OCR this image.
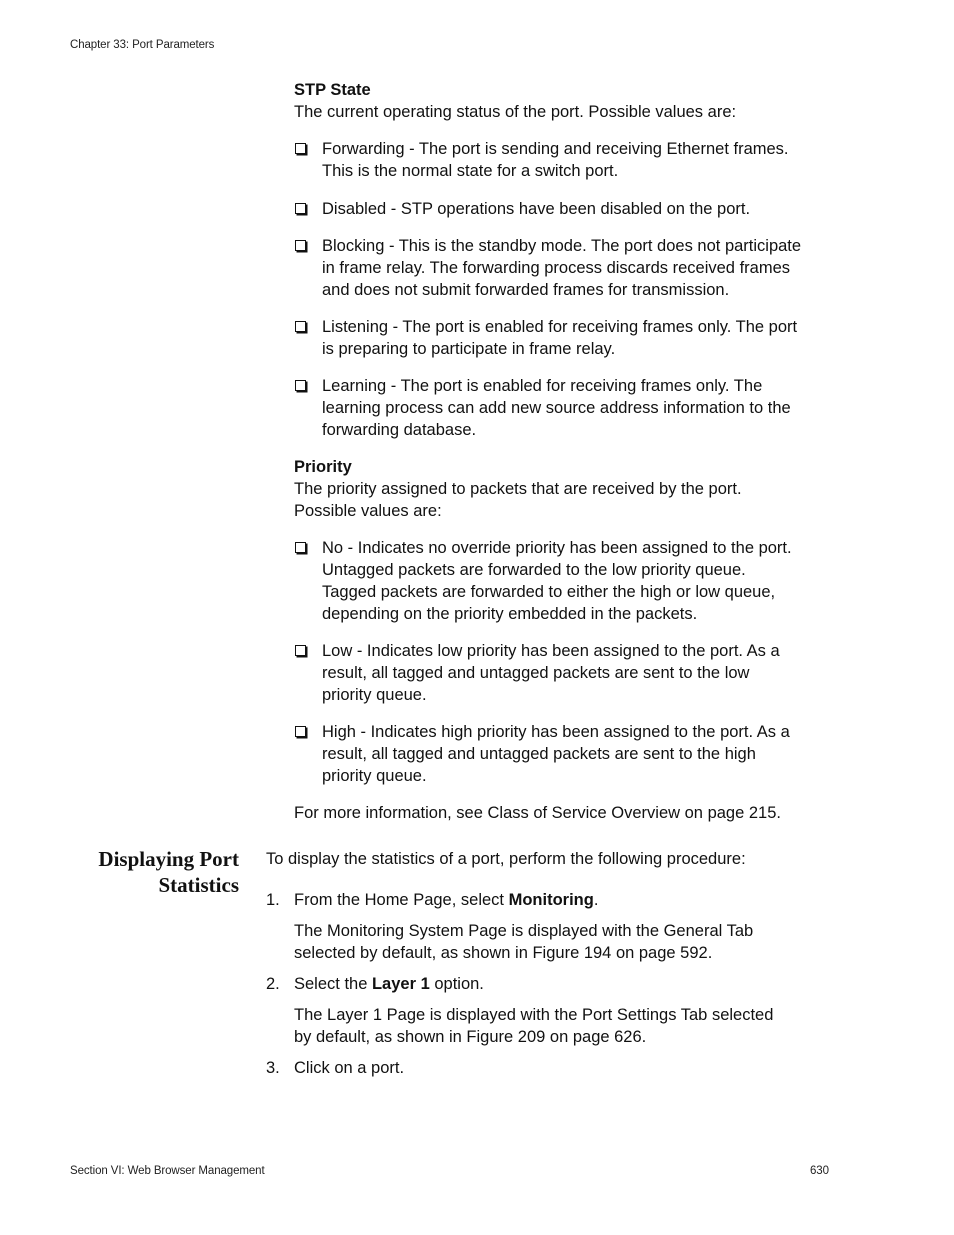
Chapter 33: Port Parameters
STP State
The current operating status of the port. Possible values are:
Forwarding - The port is sending and receiving Ethernet frames.
This is the normal state for a switch port.
Disabled - STP operations have been disabled on the port.
Blocking - This is the standby mode. The port does not participate
in frame relay. The forwarding process discards received frames
and does not submit forwarded frames for transmission.
Listening - The port is enabled for receiving frames only. The port
is preparing to participate in frame relay.
Learning - The port is enabled for receiving frames only. The
learning process can add new source address information to the
forwarding database.
Priority
The priority assigned to packets that are received by the port.
Possible values are:
No - Indicates no override priority has been assigned to the port.
Untagged packets are forwarded to the low priority queue.
Tagged packets are forwarded to either the high or low queue,
depending on the priority embedded in the packets.
Low - Indicates low priority has been assigned to the port. As a
result, all tagged and untagged packets are sent to the low
priority queue.
High - Indicates high priority has been assigned to the port. As a
result, all tagged and untagged packets are sent to the high
priority queue.
For more information, see Class of Service Overview on page 215.
Displaying Port
Statistics
To display the statistics of a port, perform the following procedure:
1. From the Home Page, select Monitoring.
The Monitoring System Page is displayed with the General Tab
selected by default, as shown in Figure 194 on page 592.
2. Select the Layer 1 option.
The Layer 1 Page is displayed with the Port Settings Tab selected
by default, as shown in Figure 209 on page 626.
3. Click on a port.
Section VI: Web Browser Management	630
